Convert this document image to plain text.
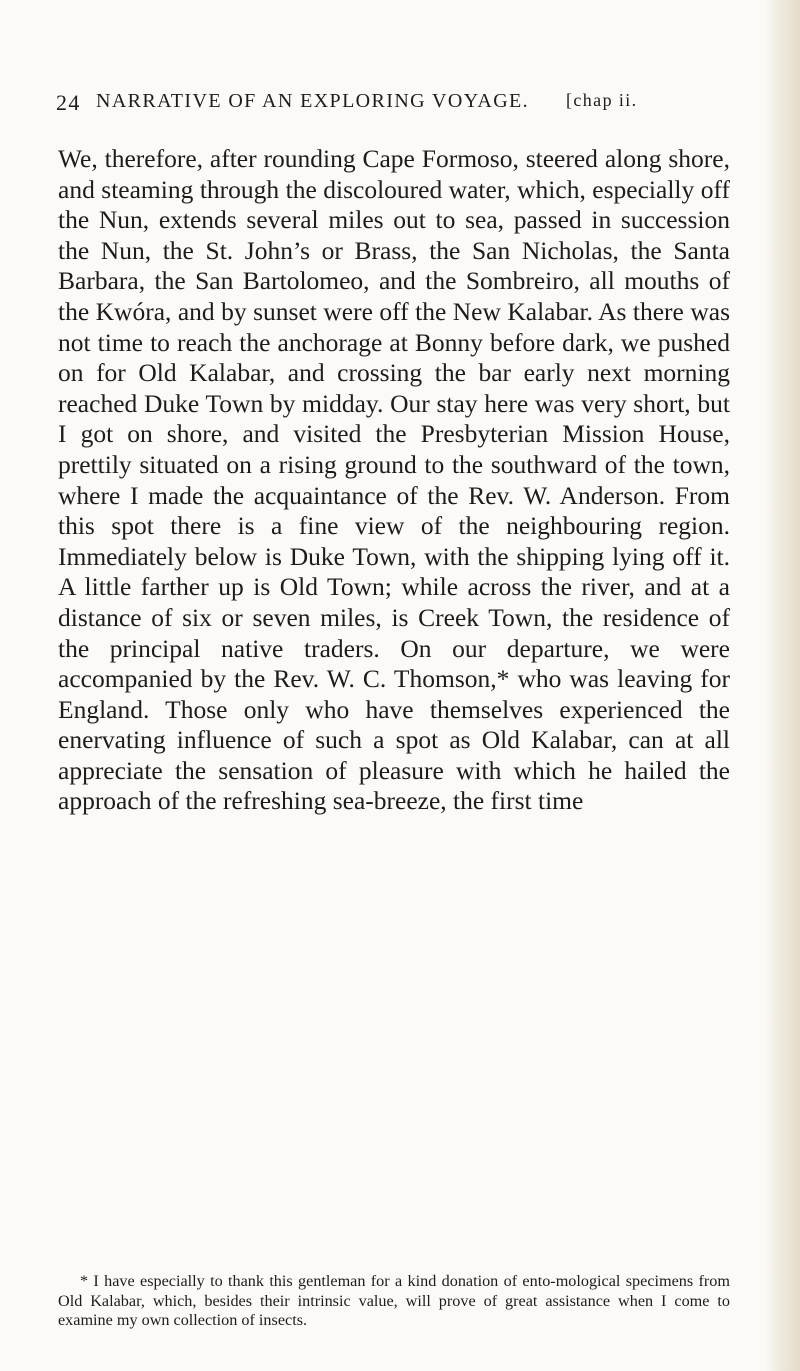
24 NARRATIVE OF AN EXPLORING VOYAGE. [chap ii.

We, therefore, after rounding Cape Formoso, steered along shore, and steaming through the discoloured water, which, especially off the Nun, extends several miles out to sea, passed in succession the Nun, the St. John’s or Brass, the San Nicholas, the Santa Barbara, the San Bartolomeo, and the Sombreiro, all mouths of the Kwóra, and by sunset were off the New Kalabar. As there was not time to reach the anchorage at Bonny before dark, we pushed on for Old Kalabar, and crossing the bar early next morning reached Duke Town by midday. Our stay here was very short, but I got on shore, and visited the Presbyterian Mission House, prettily situated on a rising ground to the southward of the town, where I made the acquaintance of the Rev. W. Anderson. From this spot there is a fine view of the neighbouring region. Immediately below is Duke Town, with the shipping lying off it. A little farther up is Old Town; while across the river, and at a distance of six or seven miles, is Creek Town, the residence of the principal native traders. On our departure, we were accompanied by the Rev. W. C. Thomson,* who was leaving for England. Those only who have themselves experienced the enervating influence of such a spot as Old Kalabar, can at all appreciate the sensation of pleasure with which he hailed the approach of the refreshing sea-breeze, the first time

* I have especially to thank this gentleman for a kind donation of ento-mological specimens from Old Kalabar, which, besides their intrinsic value, will prove of great assistance when I come to examine my own collection of insects.
